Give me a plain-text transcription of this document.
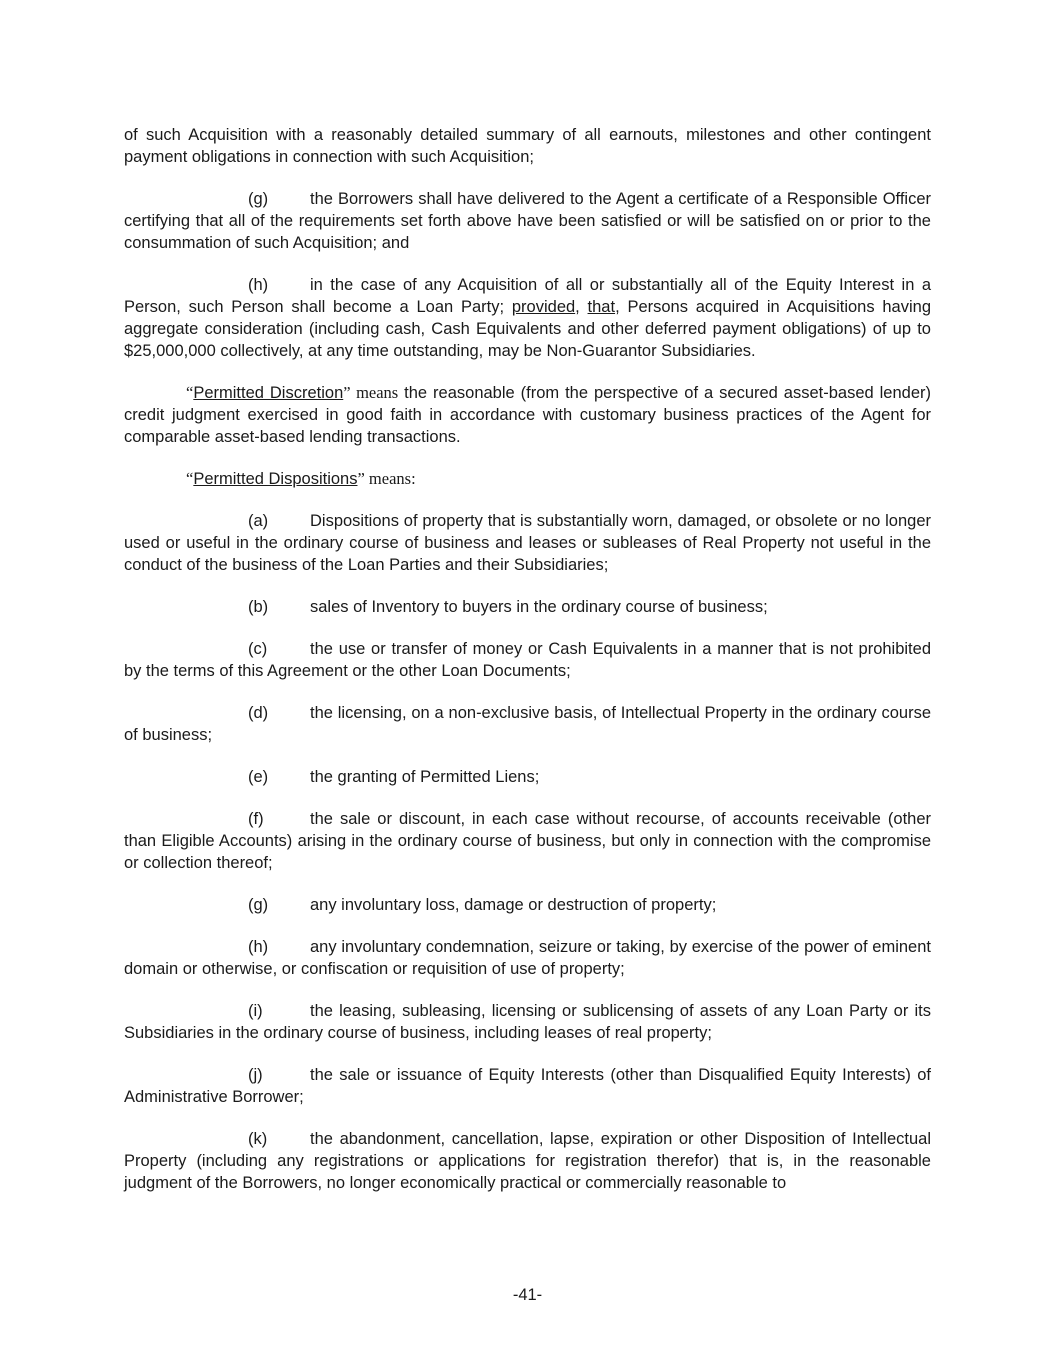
of such Acquisition with a reasonably detailed summary of all earnouts, milestones and other contingent payment obligations in connection with such Acquisition;

(g)	the Borrowers shall have delivered to the Agent a certificate of a Responsible Officer certifying that all of the requirements set forth above have been satisfied or will be satisfied on or prior to the consummation of such Acquisition; and

(h)	in the case of any Acquisition of all or substantially all of the Equity Interest in a Person, such Person shall become a Loan Party; provided, that, Persons acquired in Acquisitions having aggregate consideration (including cash, Cash Equivalents and other deferred payment obligations) of up to $25,000,000 collectively, at any time outstanding, may be Non-Guarantor Subsidiaries.

“Permitted Discretion” means the reasonable (from the perspective of a secured asset-based lender) credit judgment exercised in good faith in accordance with customary business practices of the Agent for comparable asset-based lending transactions.

“Permitted Dispositions” means:

(a)	Dispositions of property that is substantially worn, damaged, or obsolete or no longer used or useful in the ordinary course of business and leases or subleases of Real Property not useful in the conduct of the business of the Loan Parties and their Subsidiaries;

(b)	sales of Inventory to buyers in the ordinary course of business;

(c)	the use or transfer of money or Cash Equivalents in a manner that is not prohibited by the terms of this Agreement or the other Loan Documents;

(d)	the licensing, on a non-exclusive basis, of Intellectual Property in the ordinary course of business;

(e)	the granting of Permitted Liens;

(f)	the sale or discount, in each case without recourse, of accounts receivable (other than Eligible Accounts) arising in the ordinary course of business, but only in connection with the compromise or collection thereof;

(g)	any involuntary loss, damage or destruction of property;

(h)	any involuntary condemnation, seizure or taking, by exercise of the power of eminent domain or otherwise, or confiscation or requisition of use of property;

(i)	the leasing, subleasing, licensing or sublicensing of assets of any Loan Party or its Subsidiaries in the ordinary course of business, including leases of real property;

(j)	the sale or issuance of Equity Interests (other than Disqualified Equity Interests) of Administrative Borrower;

(k)	the abandonment, cancellation, lapse, expiration or other Disposition of Intellectual Property (including any registrations or applications for registration therefor) that is, in the reasonable judgment of the Borrowers, no longer economically practical or commercially reasonable to

-41-
